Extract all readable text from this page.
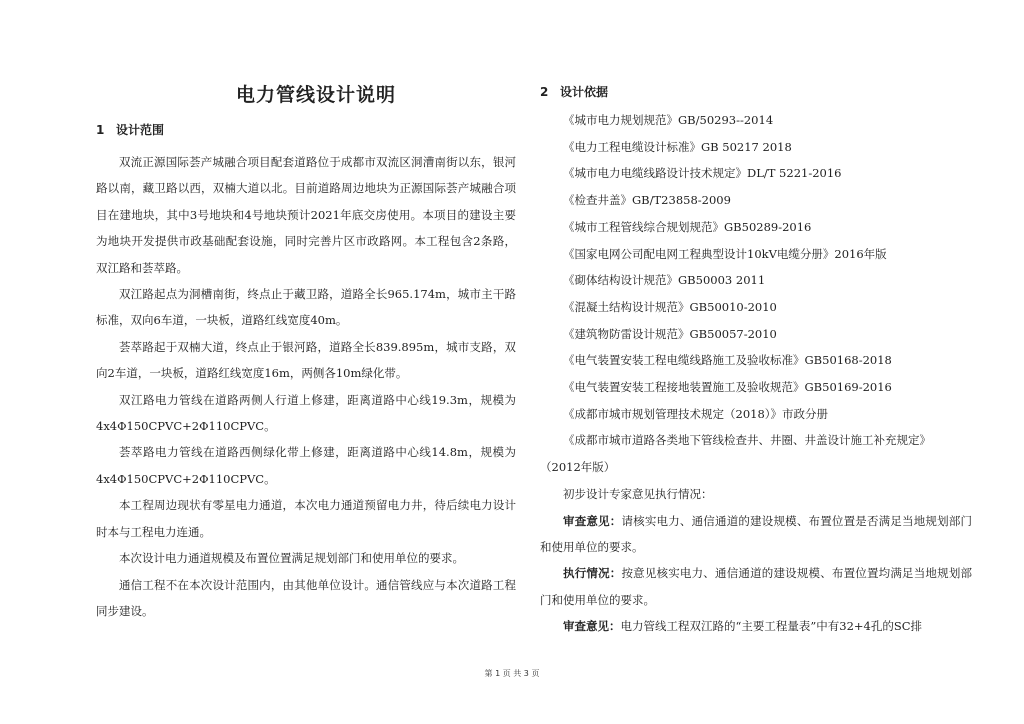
电力管线设计说明
1 设计范围

双流正源国际荟产城融合项目配套道路位于成都市双流区洞漕南街以东，银河路以南，藏卫路以西，双楠大道以北。目前道路周边地块为正源国际荟产城融合项目在建地块，其中3号地块和4号地块预计2021年底交房使用。本项目的建设主要为地块开发提供市政基础配套设施，同时完善片区市政路网。本工程包含2条路，双江路和荟萃路。

双江路起点为洞槽南街，终点止于藏卫路，道路全长965.174m，城市主干路标准，双向6车道，一块板，道路红线宽度40m。

荟萃路起于双楠大道，终点止于银河路，道路全长839.895m，城市支路，双向2车道，一块板，道路红线宽度16m，两侧各10m绿化带。

双江路电力管线在道路两侧人行道上修建，距离道路中心线19.3m，规模为4x4Φ150CPVC+2Φ110CPVC。

荟萃路电力管线在道路西侧绿化带上修建，距离道路中心线14.8m，规模为4x4Φ150CPVC+2Φ110CPVC。

本工程周边现状有零星电力通道，本次电力通道预留电力井，待后续电力设计时本与工程电力连通。

本次设计电力通道规模及布置位置满足规划部门和使用单位的要求。

通信工程不在本次设计范围内，由其他单位设计。通信管线应与本次道路工程同步建设。

2 设计依据

《城市电力规划规范》GB/50293--2014

《电力工程电缆设计标准》GB 50217 2018

《城市电力电缆线路设计技术规定》DL/T 5221-2016

《检查井盖》GB/T23858-2009

《城市工程管线综合规划规范》GB50289-2016

《国家电网公司配电网工程典型设计10kV电缆分册》2016年版

《砌体结构设计规范》GB50003 2011

《混凝土结构设计规范》GB50010-2010

《建筑物防雷设计规范》GB50057-2010

《电气装置安装工程电缆线路施工及验收标准》GB50168-2018

《电气装置安装工程接地装置施工及验收规范》GB50169-2016

《成都市城市规划管理技术规定（2018）》市政分册

《成都市城市道路各类地下管线检查井、井圈、井盖设计施工补充规定》

（2012年版）

初步设计专家意见执行情况：

审查意见：请核实电力、通信通道的建设规模、布置位置是否满足当地规划部门和使用单位的要求。

执行情况：按意见核实电力、通信通道的建设规模、布置位置均满足当地规划部门和使用单位的要求。

审查意见：电力管线工程双江路的“主要工程量表”中有32+4孔的SC排

第 1 页 共 3 页
